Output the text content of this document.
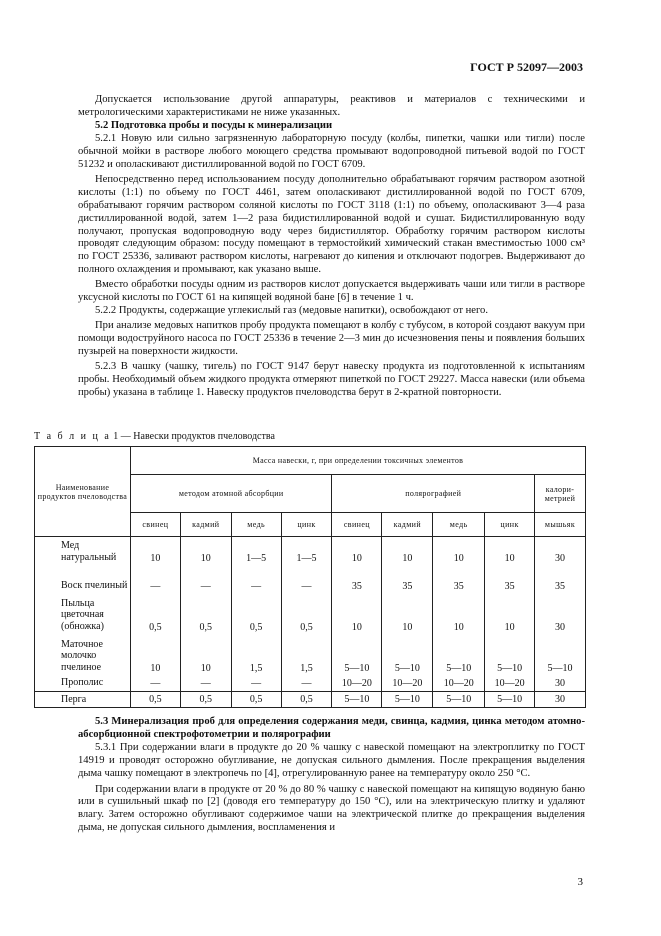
ГОСТ Р 52097—2003

Допускается использование другой аппаратуры, реактивов и материалов с техническими и метрологическими характеристиками не ниже указанных.

5.2 Подготовка пробы и посуды к минерализации

5.2.1 Новую или сильно загрязненную лабораторную посуду (колбы, пипетки, чашки или тигли) после обычной мойки в растворе любого моющего средства промывают водопроводной питьевой водой по ГОСТ 51232 и ополаскивают дистиллированной водой по ГОСТ 6709.

Непосредственно перед использованием посуду дополнительно обрабатывают горячим раствором азотной кислоты (1:1) по объему по ГОСТ 4461, затем ополаскивают дистиллированной водой по ГОСТ 6709, обрабатывают горячим раствором соляной кислоты по ГОСТ 3118 (1:1) по объему, ополаскивают 3—4 раза дистиллированной водой, затем 1—2 раза бидистиллированной водой и сушат. Бидистиллированную воду получают, пропуская водопроводную воду через бидистиллятор. Обработку горячим раствором кислоты проводят следующим образом: посуду помещают в термостойкий химический стакан вместимостью 1000 см³ по ГОСТ 25336, заливают раствором кислоты, нагревают до кипения и отключают подогрев. Выдерживают до полного охлаждения и промывают, как указано выше.

Вместо обработки посуды одним из растворов кислот допускается выдерживать чаши или тигли в растворе уксусной кислоты по ГОСТ 61 на кипящей водяной бане [6] в течение 1 ч.

5.2.2 Продукты, содержащие углекислый газ (медовые напитки), освобождают от него.

При анализе медовых напитков пробу продукта помещают в колбу с тубусом, в которой создают вакуум при помощи водоструйного насоса по ГОСТ 25336 в течение 2—3 мин до исчезновения пены и появления больших пузырей на поверхности жидкости.

5.2.3 В чашку (чашку, тигель) по ГОСТ 9147 берут навеску продукта из подготовленной к испытаниям пробы. Необходимый объем жидкого продукта отмеряют пипеткой по ГОСТ 29227. Масса навески (или объема пробы) указана в таблице 1. Навеску продуктов пчеловодства берут в 2-кратной повторности.

Т а б л и ц а 1 — Навески продуктов пчеловодства
Наименование продуктов пчеловодства	Масса навески, г, при определении токсичных элементов								
	методом атомной абсорбции				полярографией				калори-метрией
	свинец	кадмий	медь	цинк	свинец	кадмий	медь	цинк	мышьяк
Мед натуральный	10	10	1—5	1—5	10	10	10	10	30
Воск пчелиный	—	—	—	—	35	35	35	35	35
Пыльца цветочная (обножка)	0,5	0,5	0,5	0,5	10	10	10	10	30
Маточное молочко пчелиное	10	10	1,5	1,5	5—10	5—10	5—10	5—10	5—10
Прополис	—	—	—	—	10—20	10—20	10—20	10—20	30
Перга	0,5	0,5	0,5	0,5	5—10	5—10	5—10	5—10	30

5.3 Минерализация проб для определения содержания меди, свинца, кадмия, цинка методом атомно-абсорбционной спектрофотометрии и полярографии

5.3.1 При содержании влаги в продукте до 20 % чашку с навеской помещают на электроплитку по ГОСТ 14919 и проводят осторожно обугливание, не допуская сильного дымления. После прекращения выделения дыма чашку помещают в электропечь по [4], отрегулированную ранее на температуру около 250 °С.

При содержании влаги в продукте от 20 % до 80 % чашку с навеской помещают на кипящую водяную баню или в сушильный шкаф по [2] (доводя его температуру до 150 °С), или на электрическую плитку и удаляют влагу. Затем осторожно обугливают содержимое чаши на электрической плитке до прекращения выделения дыма, не допуская сильного дымления, воспламенения и

3
